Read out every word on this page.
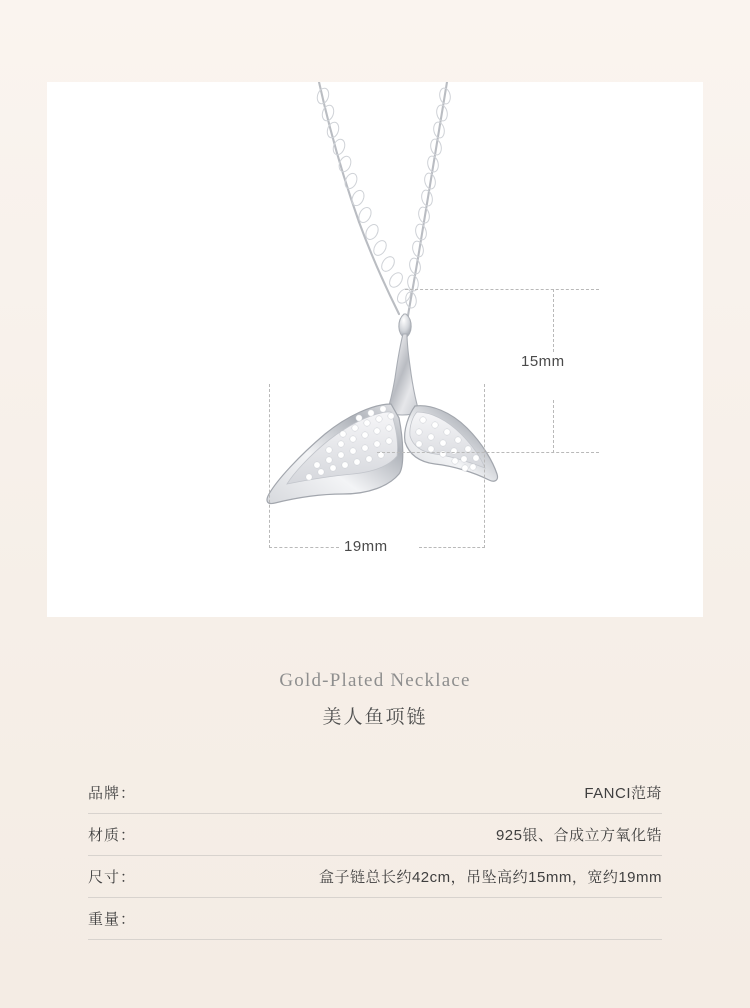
15mm
19mm
Gold-Plated Necklace
美人鱼项链
品牌：	FANCI范琦
材质：	925银、合成立方氧化锆
尺寸：	盒子链总长约42cm，吊坠高约15mm，宽约19mm
重量：
